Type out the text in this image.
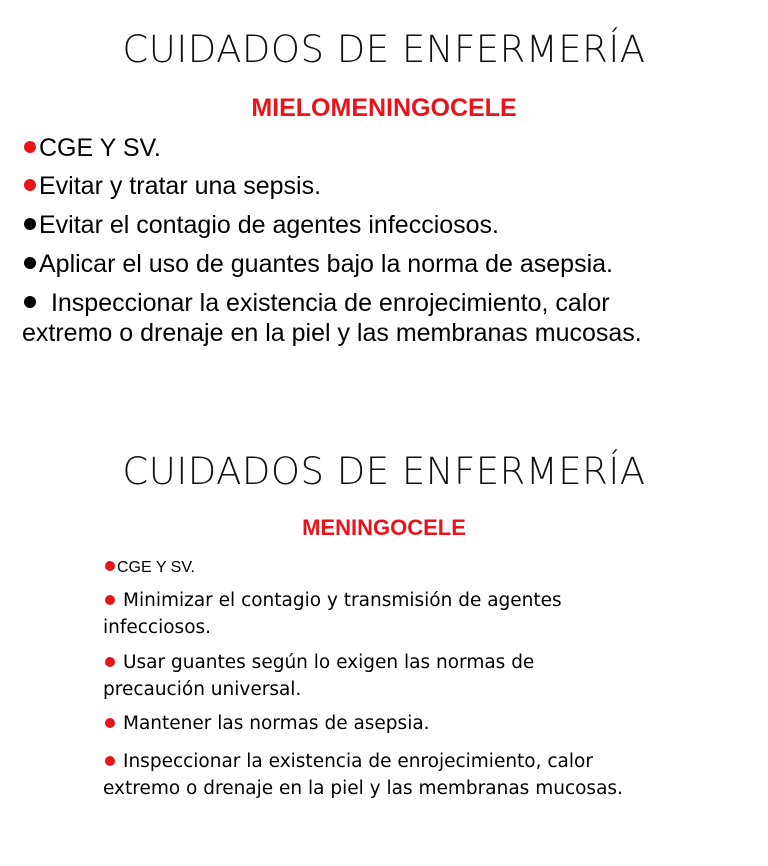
CUIDADOS DE ENFERMERÍA
MIELOMENINGOCELE
CGE Y SV.
Evitar y tratar una sepsis.
Evitar el contagio de agentes infecciosos.
Aplicar el uso de guantes bajo la norma de asepsia.
Inspeccionar la existencia de enrojecimiento, calor
extremo o drenaje en la piel y las membranas mucosas.
CUIDADOS DE ENFERMERÍA
MENINGOCELE
CGE Y SV.
Minimizar el contagio y transmisión de agentes
infecciosos.
Usar guantes según lo exigen las normas de
precaución universal.
Mantener las normas de asepsia.
Inspeccionar la existencia de enrojecimiento, calor
extremo o drenaje en la piel y las membranas mucosas.
